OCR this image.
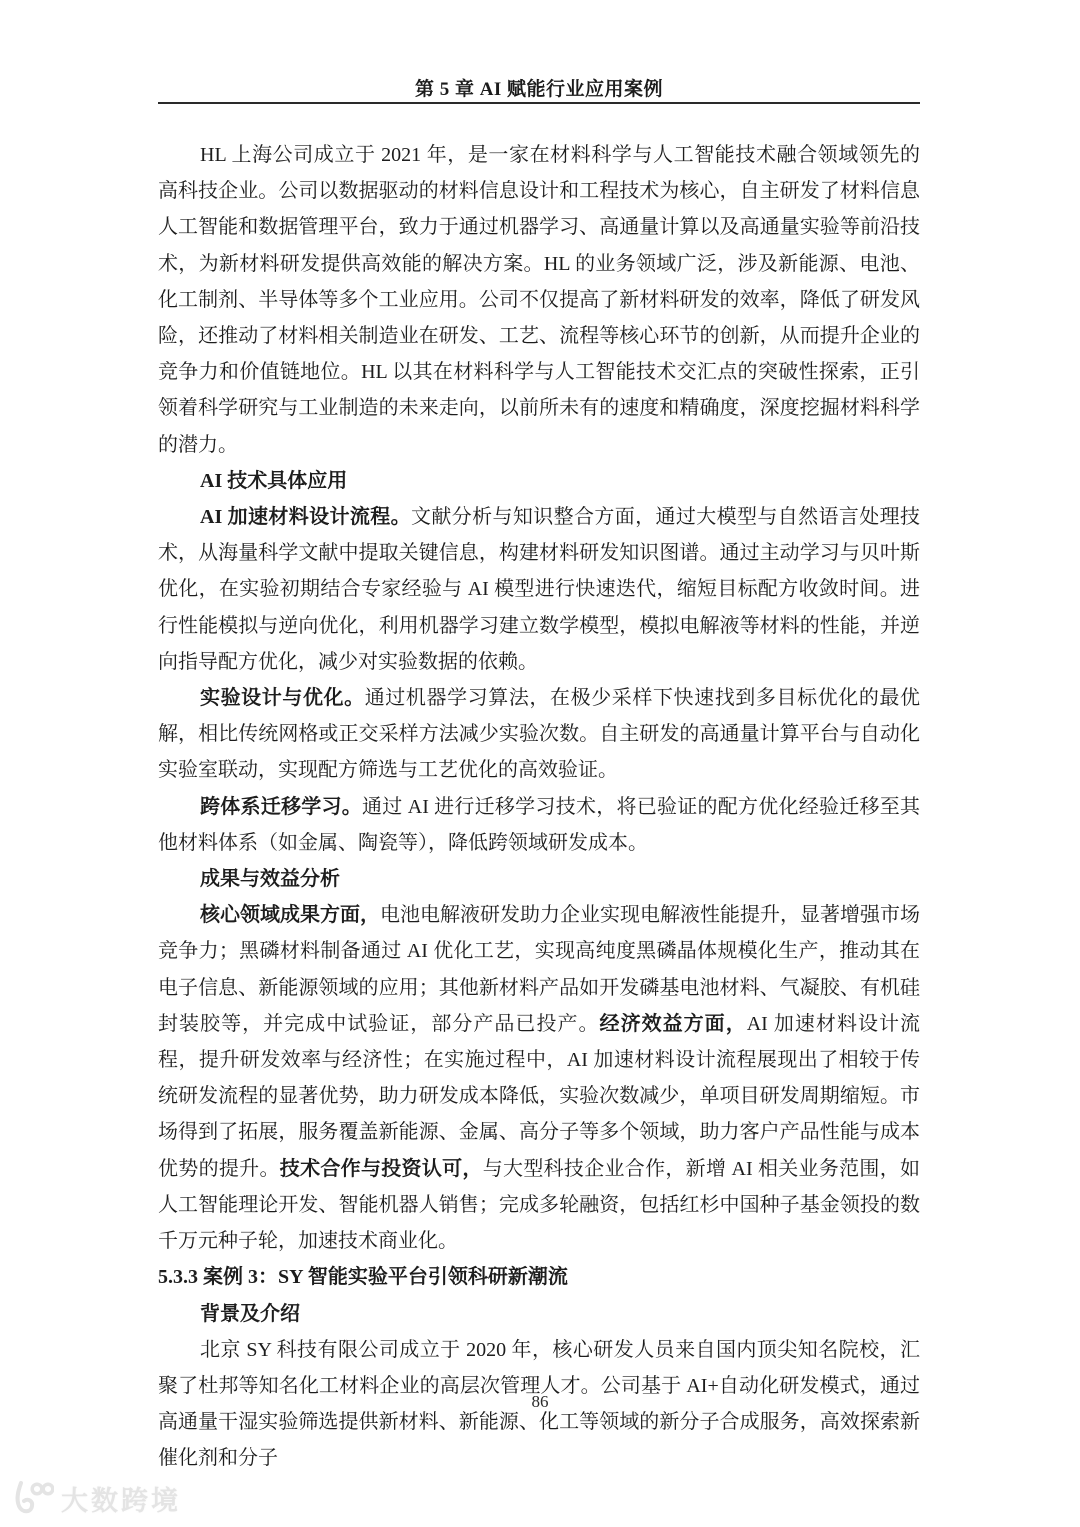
第 5 章 AI 赋能行业应用案例

HL 上海公司成立于 2021 年，是一家在材料科学与人工智能技术融合领域领先的高科技企业。公司以数据驱动的材料信息设计和工程技术为核心，自主研发了材料信息人工智能和数据管理平台，致力于通过机器学习、高通量计算以及高通量实验等前沿技术，为新材料研发提供高效能的解决方案。HL 的业务领域广泛，涉及新能源、电池、化工制剂、半导体等多个工业应用。公司不仅提高了新材料研发的效率，降低了研发风险，还推动了材料相关制造业在研发、工艺、流程等核心环节的创新，从而提升企业的竞争力和价值链地位。HL 以其在材料科学与人工智能技术交汇点的突破性探索，正引领着科学研究与工业制造的未来走向，以前所未有的速度和精确度，深度挖掘材料科学的潜力。

AI 技术具体应用

AI 加速材料设计流程。文献分析与知识整合方面，通过大模型与自然语言处理技术，从海量科学文献中提取关键信息，构建材料研发知识图谱。通过主动学习与贝叶斯优化，在实验初期结合专家经验与 AI 模型进行快速迭代，缩短目标配方收敛时间。进行性能模拟与逆向优化，利用机器学习建立数学模型，模拟电解液等材料的性能，并逆向指导配方优化，减少对实验数据的依赖。

实验设计与优化。通过机器学习算法，在极少采样下快速找到多目标优化的最优解，相比传统网格或正交采样方法减少实验次数。自主研发的高通量计算平台与自动化实验室联动，实现配方筛选与工艺优化的高效验证。

跨体系迁移学习。通过 AI 进行迁移学习技术，将已验证的配方优化经验迁移至其他材料体系（如金属、陶瓷等），降低跨领域研发成本。

成果与效益分析

核心领域成果方面，电池电解液研发助力企业实现电解液性能提升，显著增强市场竞争力；黑磷材料制备通过 AI 优化工艺，实现高纯度黑磷晶体规模化生产，推动其在电子信息、新能源领域的应用；其他新材料产品如开发磷基电池材料、气凝胶、有机硅封装胶等，并完成中试验证，部分产品已投产。经济效益方面，AI 加速材料设计流程，提升研发效率与经济性；在实施过程中，AI 加速材料设计流程展现出了相较于传统研发流程的显著优势，助力研发成本降低，实验次数减少，单项目研发周期缩短。市场得到了拓展，服务覆盖新能源、金属、高分子等多个领域，助力客户产品性能与成本优势的提升。技术合作与投资认可，与大型科技企业合作，新增 AI 相关业务范围，如人工智能理论开发、智能机器人销售；完成多轮融资，包括红杉中国种子基金领投的数千万元种子轮，加速技术商业化。

5.3.3 案例 3：SY 智能实验平台引领科研新潮流

背景及介绍

北京 SY 科技有限公司成立于 2020 年，核心研发人员来自国内顶尖知名院校，汇聚了杜邦等知名化工材料企业的高层次管理人才。公司基于 AI+自动化研发模式，通过高通量干湿实验筛选提供新材料、新能源、化工等领域的新分子合成服务，高效探索新催化剂和分子

86
大数跨境
